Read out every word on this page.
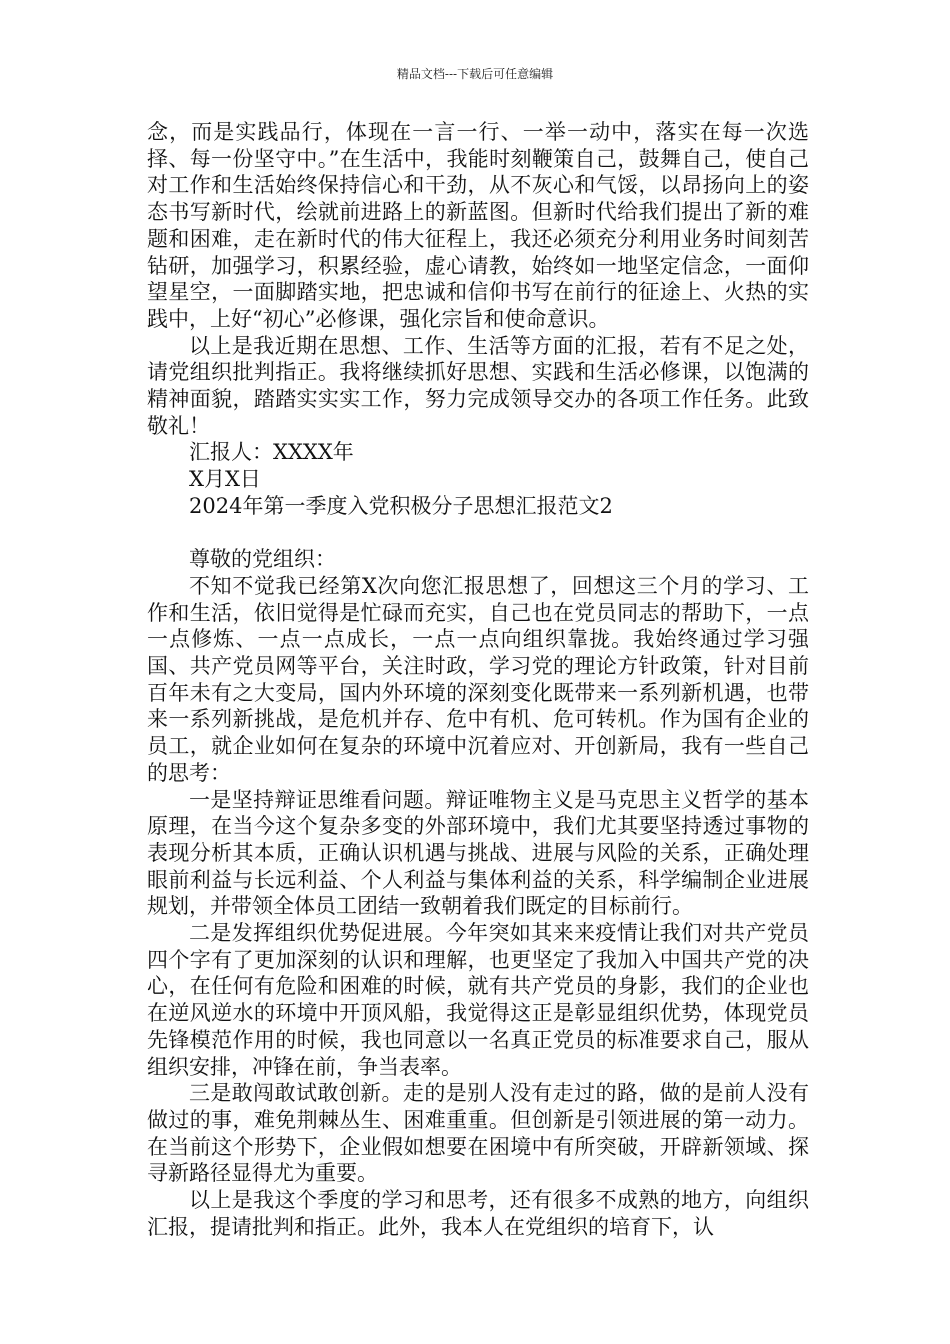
精品文档---下载后可任意编辑

念，而是实践品行，体现在一言一行、一举一动中，落实在每一次选择、每一份坚守中。”在生活中，我能时刻鞭策自己，鼓舞自己，使自己对工作和生活始终保持信心和干劲，从不灰心和气馁，以昂扬向上的姿态书写新时代，绘就前进路上的新蓝图。但新时代给我们提出了新的难题和困难，走在新时代的伟大征程上，我还必须充分利用业务时间刻苦钻研，加强学习，积累经验，虚心请教，始终如一地坚定信念，一面仰望星空，一面脚踏实地，把忠诚和信仰书写在前行的征途上、火热的实践中，上好“初心”必修课，强化宗旨和使命意识。

以上是我近期在思想、工作、生活等方面的汇报，若有不足之处，请党组织批判指正。我将继续抓好思想、实践和生活必修课，以饱满的精神面貌，踏踏实实实工作，努力完成领导交办的各项工作任务。此致敬礼！

汇报人：XXXX年

X月X日

2024年第一季度入党积极分子思想汇报范文2

尊敬的党组织：

不知不觉我已经第X次向您汇报思想了，回想这三个月的学习、工作和生活，依旧觉得是忙碌而充实，自己也在党员同志的帮助下，一点一点修炼、一点一点成长，一点一点向组织靠拢。我始终通过学习强国、共产党员网等平台，关注时政，学习党的理论方针政策，针对目前百年未有之大变局，国内外环境的深刻变化既带来一系列新机遇，也带来一系列新挑战，是危机并存、危中有机、危可转机。作为国有企业的员工，就企业如何在复杂的环境中沉着应对、开创新局，我有一些自己的思考：

一是坚持辩证思维看问题。辩证唯物主义是马克思主义哲学的基本原理，在当今这个复杂多变的外部环境中，我们尤其要坚持透过事物的表现分析其本质，正确认识机遇与挑战、进展与风险的关系，正确处理眼前利益与长远利益、个人利益与集体利益的关系，科学编制企业进展规划，并带领全体员工团结一致朝着我们既定的目标前行。

二是发挥组织优势促进展。今年突如其来来疫情让我们对共产党员四个字有了更加深刻的认识和理解，也更坚定了我加入中国共产党的决心，在任何有危险和困难的时候，就有共产党员的身影，我们的企业也在逆风逆水的环境中开顶风船，我觉得这正是彰显组织优势，体现党员先锋模范作用的时候，我也同意以一名真正党员的标准要求自己，服从组织安排，冲锋在前，争当表率。

三是敢闯敢试敢创新。走的是别人没有走过的路，做的是前人没有做过的事，难免荆棘丛生、困难重重。但创新是引领进展的第一动力。在当前这个形势下，企业假如想要在困境中有所突破，开辟新领域、探寻新路径显得尤为重要。

以上是我这个季度的学习和思考，还有很多不成熟的地方，向组织汇报，提请批判和指正。此外，我本人在党组织的培育下，认
